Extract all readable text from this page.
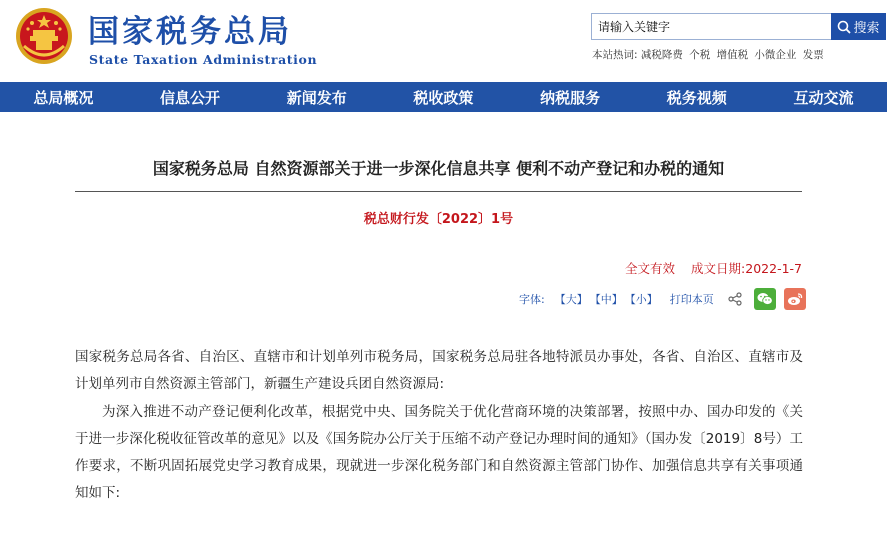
国家税务总局
State Taxation Administration
请输入关键字
搜索
本站热词: 减税降费 个税 增值税 小微企业 发票
总局概况	信息公开	新闻发布	税收政策	纳税服务	税务视频	互动交流
国家税务总局 自然资源部关于进一步深化信息共享 便利不动产登记和办税的通知
税总财行发〔2022〕1号
全文有效 成文日期:2022-1-7
字体: 【大】 【中】 【小】 打印本页

国家税务总局各省、自治区、直辖市和计划单列市税务局，国家税务总局驻各地特派员办事处，各省、自治区、直辖市及计划单列市自然资源主管部门，新疆生产建设兵团自然资源局:

为深入推进不动产登记便利化改革，根据党中央、国务院关于优化营商环境的决策部署，按照中办、国办印发的《关于进一步深化税收征管改革的意见》以及《国务院办公厅关于压缩不动产登记办理时间的通知》（国办发〔2019〕8号）工作要求，不断巩固拓展党史学习教育成果，现就进一步深化税务部门和自然资源主管部门协作、加强信息共享有关事项通知如下:
